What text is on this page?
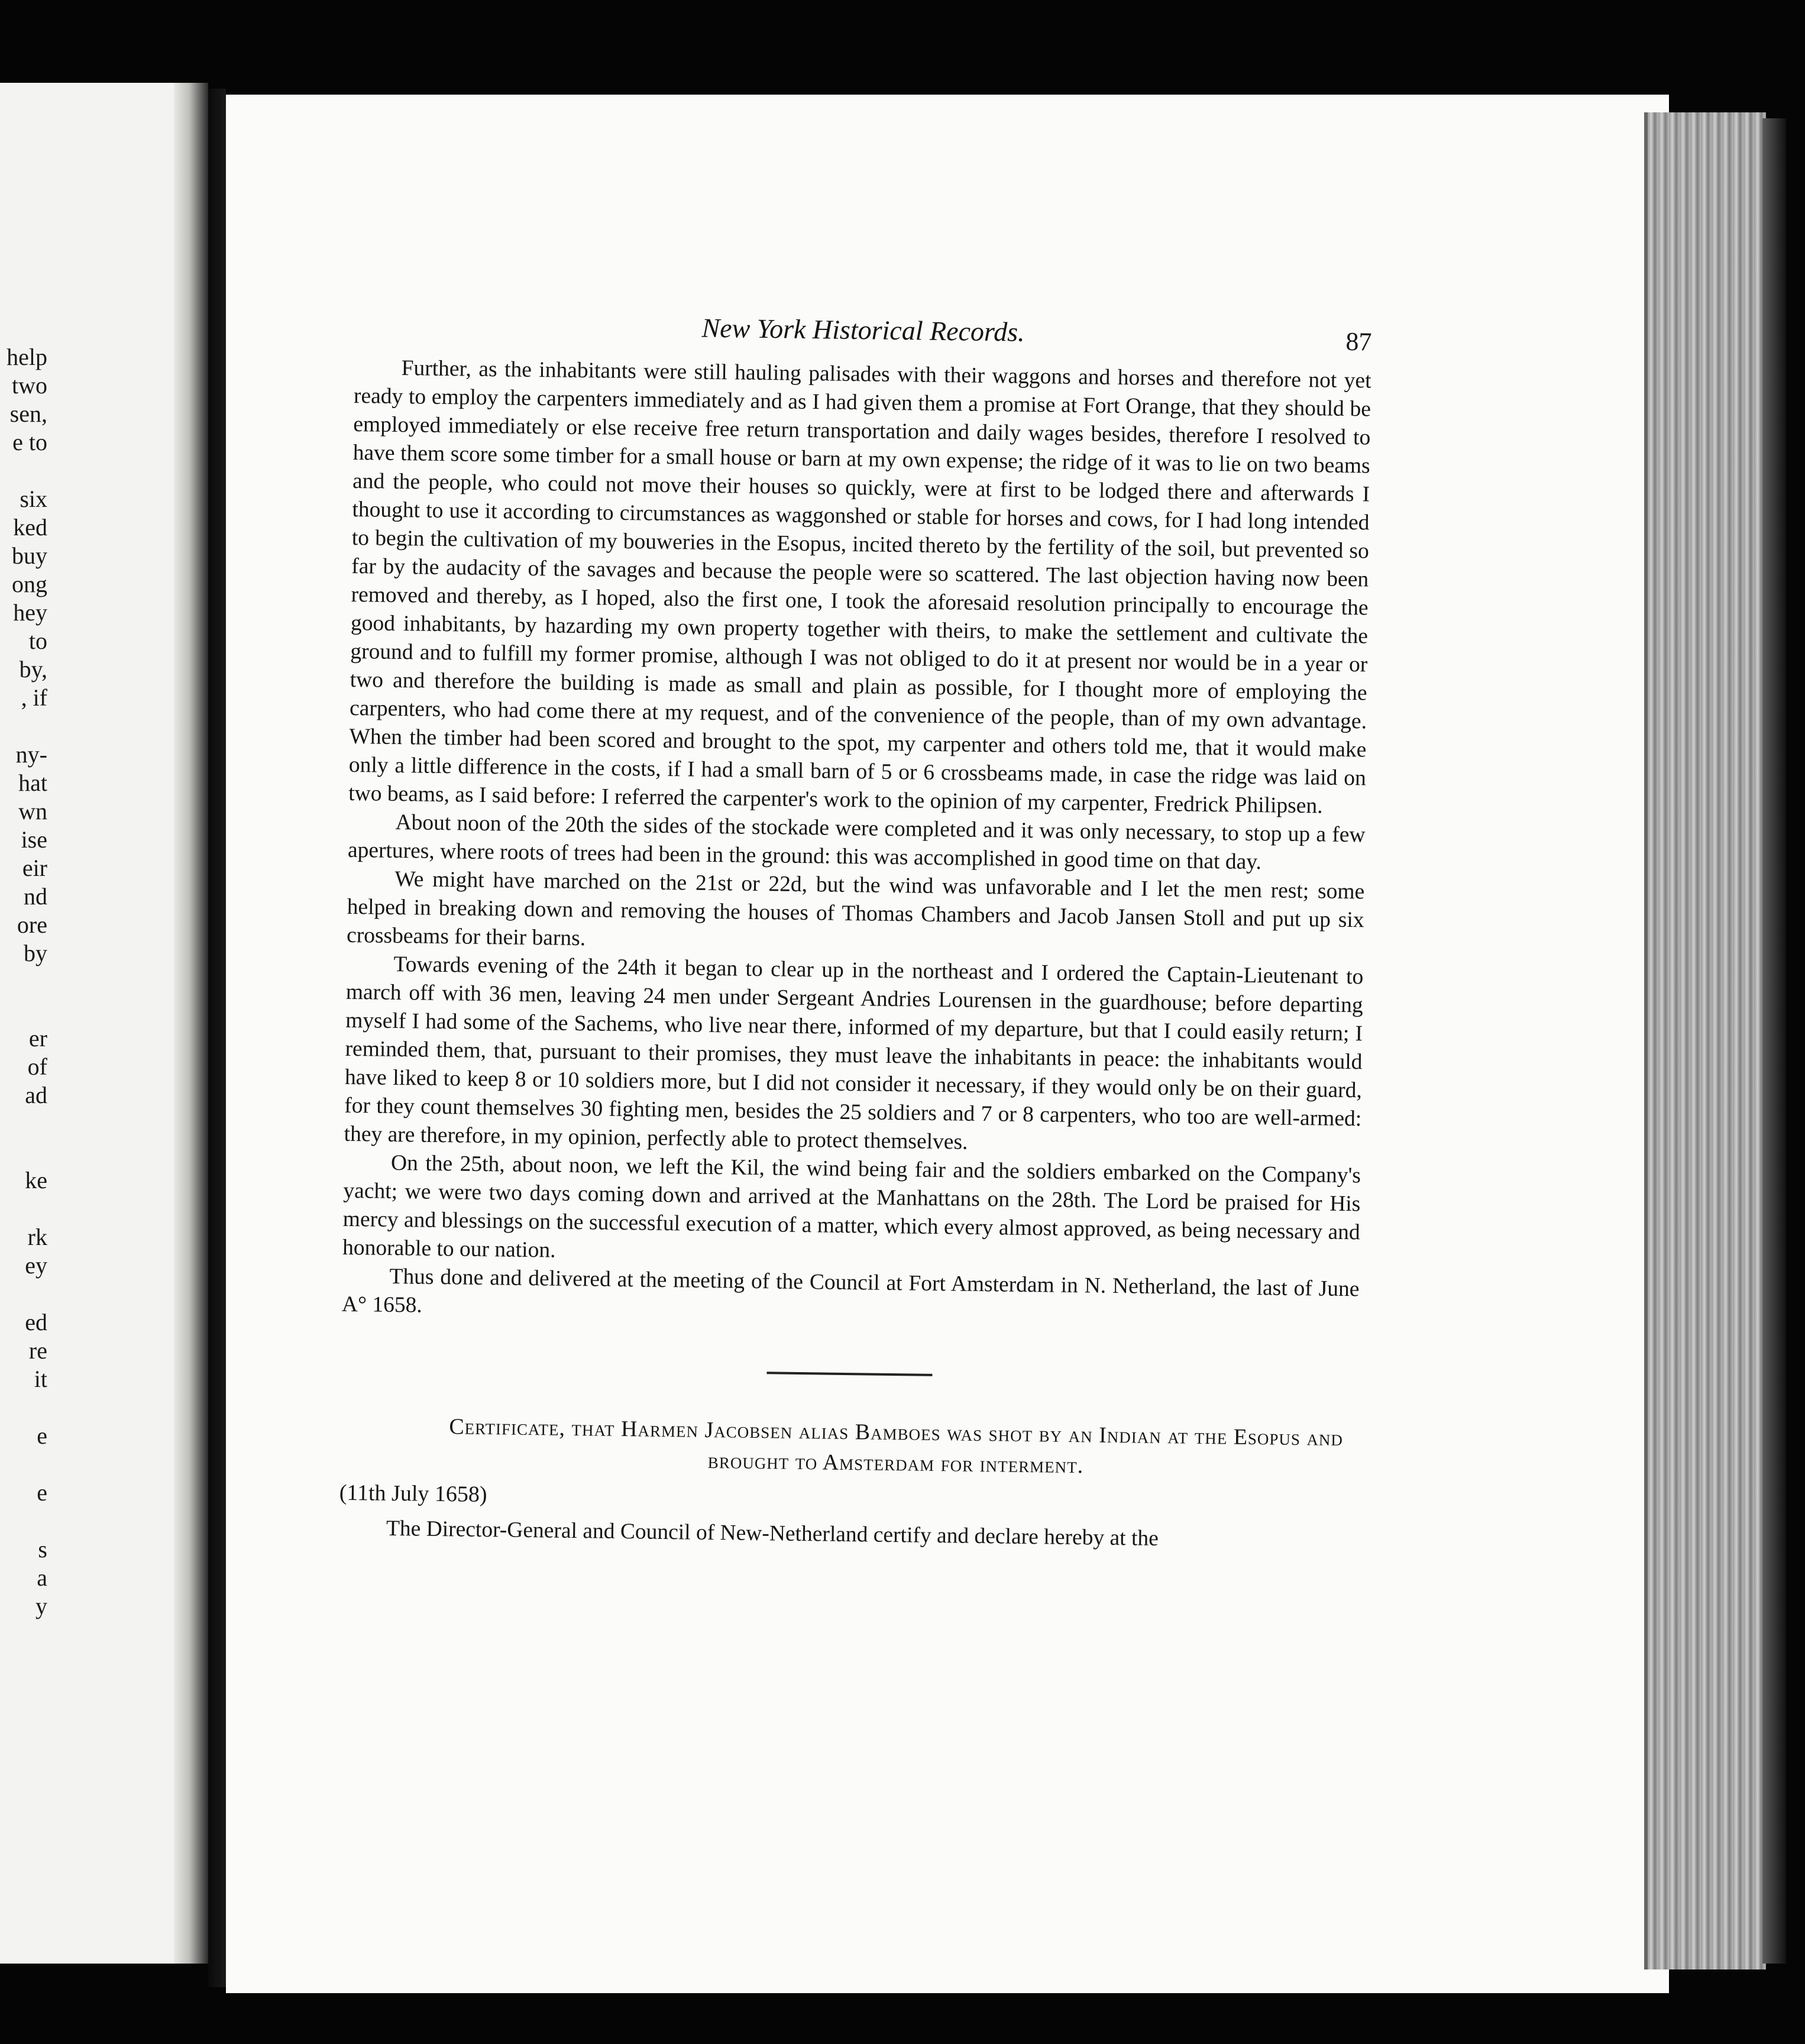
help
two
sen,
e to
six
ked
buy
ong
hey
to
by,
, if
ny-
hat
wn
ise
eir
nd
ore
by
er
of
ad
ke
rk
ey
ed
re
it
e
e
s
a
y
New York Historical Records.	87

Further, as the inhabitants were still hauling palisades with their waggons and horses and therefore not yet ready to employ the carpenters immediately and as I had given them a promise at Fort Orange, that they should be employed immediately or else receive free return transportation and daily wages besides, therefore I resolved to have them score some timber for a small house or barn at my own expense; the ridge of it was to lie on two beams and the people, who could not move their houses so quickly, were at first to be lodged there and afterwards I thought to use it according to circumstances as waggonshed or stable for horses and cows, for I had long intended to begin the cultivation of my bouweries in the Esopus, incited thereto by the fertility of the soil, but prevented so far by the audacity of the savages and because the people were so scattered. The last objection having now been removed and thereby, as I hoped, also the first one, I took the aforesaid resolution principally to encourage the good inhabitants, by hazarding my own property together with theirs, to make the settlement and cultivate the ground and to fulfill my former promise, although I was not obliged to do it at present nor would be in a year or two and therefore the building is made as small and plain as possible, for I thought more of employing the carpenters, who had come there at my request, and of the convenience of the people, than of my own advantage. When the timber had been scored and brought to the spot, my carpenter and others told me, that it would make only a little difference in the costs, if I had a small barn of 5 or 6 crossbeams made, in case the ridge was laid on two beams, as I said before: I referred the carpenter's work to the opinion of my carpenter, Fredrick Philipsen.

About noon of the 20th the sides of the stockade were completed and it was only necessary, to stop up a few apertures, where roots of trees had been in the ground: this was accomplished in good time on that day.

We might have marched on the 21st or 22d, but the wind was unfavorable and I let the men rest; some helped in breaking down and removing the houses of Thomas Chambers and Jacob Jansen Stoll and put up six crossbeams for their barns.

Towards evening of the 24th it began to clear up in the northeast and I ordered the Captain-Lieutenant to march off with 36 men, leaving 24 men under Sergeant Andries Lourensen in the guardhouse; before departing myself I had some of the Sachems, who live near there, informed of my departure, but that I could easily return; I reminded them, that, pursuant to their promises, they must leave the inhabitants in peace: the inhabitants would have liked to keep 8 or 10 soldiers more, but I did not consider it necessary, if they would only be on their guard, for they count themselves 30 fighting men, besides the 25 soldiers and 7 or 8 carpenters, who too are well-armed: they are therefore, in my opinion, perfectly able to protect themselves.

On the 25th, about noon, we left the Kil, the wind being fair and the soldiers embarked on the Company's yacht; we were two days coming down and arrived at the Manhattans on the 28th. The Lord be praised for His mercy and blessings on the successful execution of a matter, which every almost approved, as being necessary and honorable to our nation.

Thus done and delivered at the meeting of the Council at Fort Amsterdam in N. Netherland, the last of June A° 1658.

Certificate, that Harmen Jacobsen alias Bamboes was shot by an Indian at the Esopus and brought to Amsterdam for interment.
(11th July 1658)

The Director-General and Council of New-Netherland certify and declare hereby at the
